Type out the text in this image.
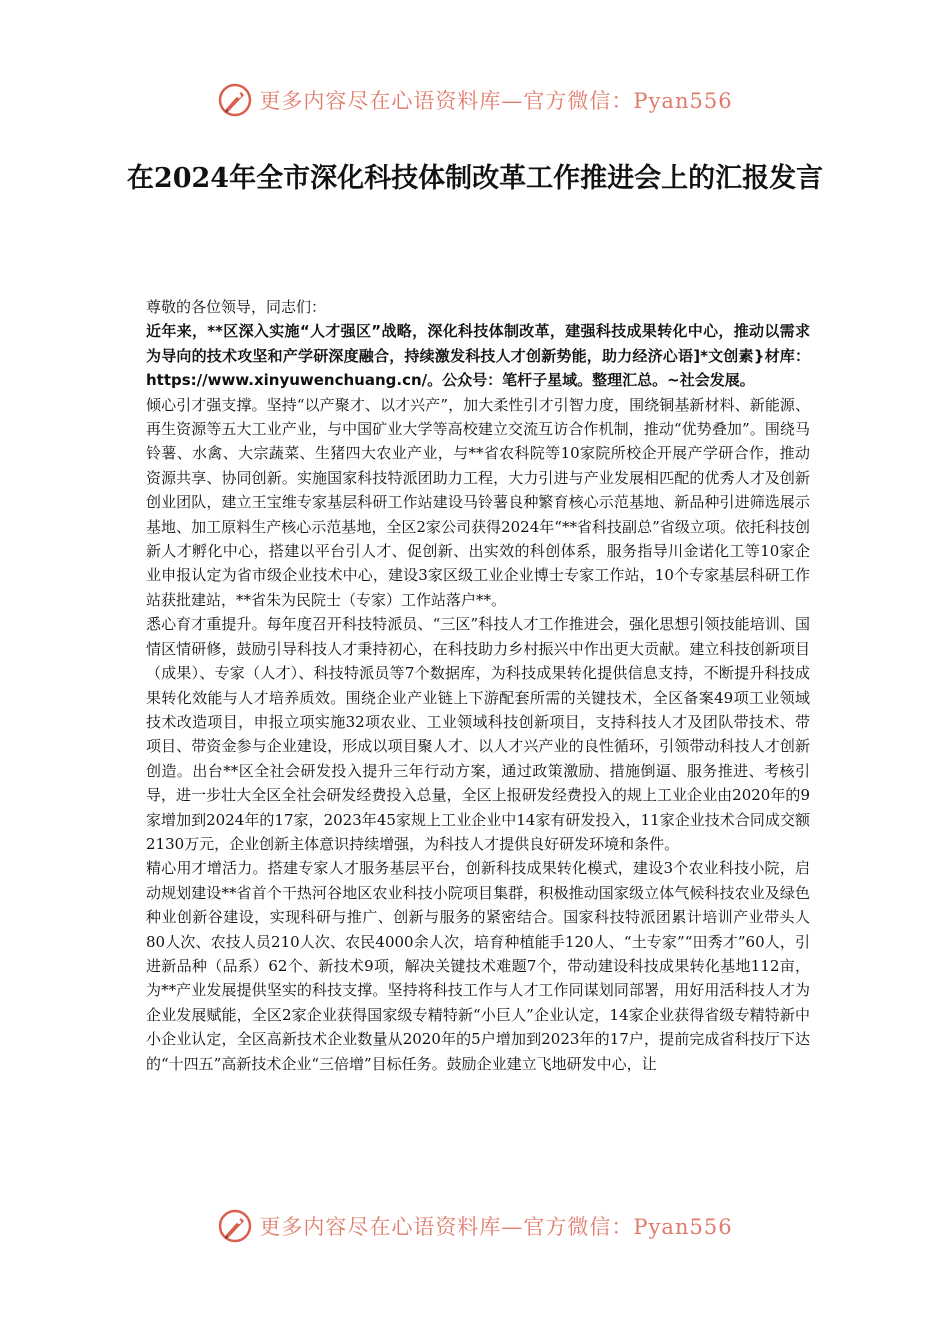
更多内容尽在心语资料库—官方微信：Pyan556
在2024年全市深化科技体制改革工作推进会上的汇报发言

尊敬的各位领导，同志们：

近年来，**区深入实施“人才强区”战略，深化科技体制改革，建强科技成果转化中心，推动以需求为导向的技术攻坚和产学研深度融合，持续激发科技人才创新势能，助力经济心语]*文创素}材库：https://www.xinyuwenchuang.cn/。公众号：笔杆子星域。整理汇总。~社会发展。

倾心引才强支撑。坚持“以产聚才、以才兴产”，加大柔性引才引智力度，围绕铜基新材料、新能源、再生资源等五大工业产业，与中国矿业大学等高校建立交流互访合作机制，推动“优势叠加”。围绕马铃薯、水禽、大宗蔬菜、生猪四大农业产业，与**省农科院等10家院所校企开展产学研合作，推动资源共享、协同创新。实施国家科技特派团助力工程，大力引进与产业发展相匹配的优秀人才及创新创业团队，建立王宝维专家基层科研工作站建设马铃薯良种繁育核心示范基地、新品种引进筛选展示基地、加工原料生产核心示范基地，全区2家公司获得2024年“**省科技副总”省级立项。依托科技创新人才孵化中心，搭建以平台引人才、促创新、出实效的科创体系，服务指导川金诺化工等10家企业申报认定为省市级企业技术中心，建设3家区级工业企业博士专家工作站，10个专家基层科研工作站获批建站，**省朱为民院士（专家）工作站落户**。

悉心育才重提升。每年度召开科技特派员、“三区”科技人才工作推进会，强化思想引领技能培训、国情区情研修，鼓励引导科技人才秉持初心，在科技助力乡村振兴中作出更大贡献。建立科技创新项目（成果）、专家（人才）、科技特派员等7个数据库，为科技成果转化提供信息支持，不断提升科技成果转化效能与人才培养质效。围绕企业产业链上下游配套所需的关键技术，全区备案49项工业领域技术改造项目，申报立项实施32项农业、工业领域科技创新项目，支持科技人才及团队带技术、带项目、带资金参与企业建设，形成以项目聚人才、以人才兴产业的良性循环，引领带动科技人才创新创造。出台**区全社会研发投入提升三年行动方案，通过政策激励、措施倒逼、服务推进、考核引导，进一步壮大全区全社会研发经费投入总量，全区上报研发经费投入的规上工业企业由2020年的9家增加到2024年的17家，2023年45家规上工业企业中14家有研发投入，11家企业技术合同成交额2130万元，企业创新主体意识持续增强，为科技人才提供良好研发环境和条件。

精心用才增活力。搭建专家人才服务基层平台，创新科技成果转化模式，建设3个农业科技小院，启动规划建设**省首个干热河谷地区农业科技小院项目集群，积极推动国家级立体气候科技农业及绿色种业创新谷建设，实现科研与推广、创新与服务的紧密结合。国家科技特派团累计培训产业带头人80人次、农技人员210人次、农民4000余人次，培育种植能手120人、“土专家”“田秀才”60人，引进新品种（品系）62个、新技术9项，解决关键技术难题7个，带动建设科技成果转化基地112亩，为**产业发展提供坚实的科技支撑。坚持将科技工作与人才工作同谋划同部署，用好用活科技人才为企业发展赋能，全区2家企业获得国家级专精特新“小巨人”企业认定，14家企业获得省级专精特新中小企业认定，全区高新技术企业数量从2020年的5户增加到2023年的17户，提前完成省科技厅下达的“十四五”高新技术企业“三倍增”目标任务。鼓励企业建立飞地研发中心，让

更多内容尽在心语资料库—官方微信：Pyan556
